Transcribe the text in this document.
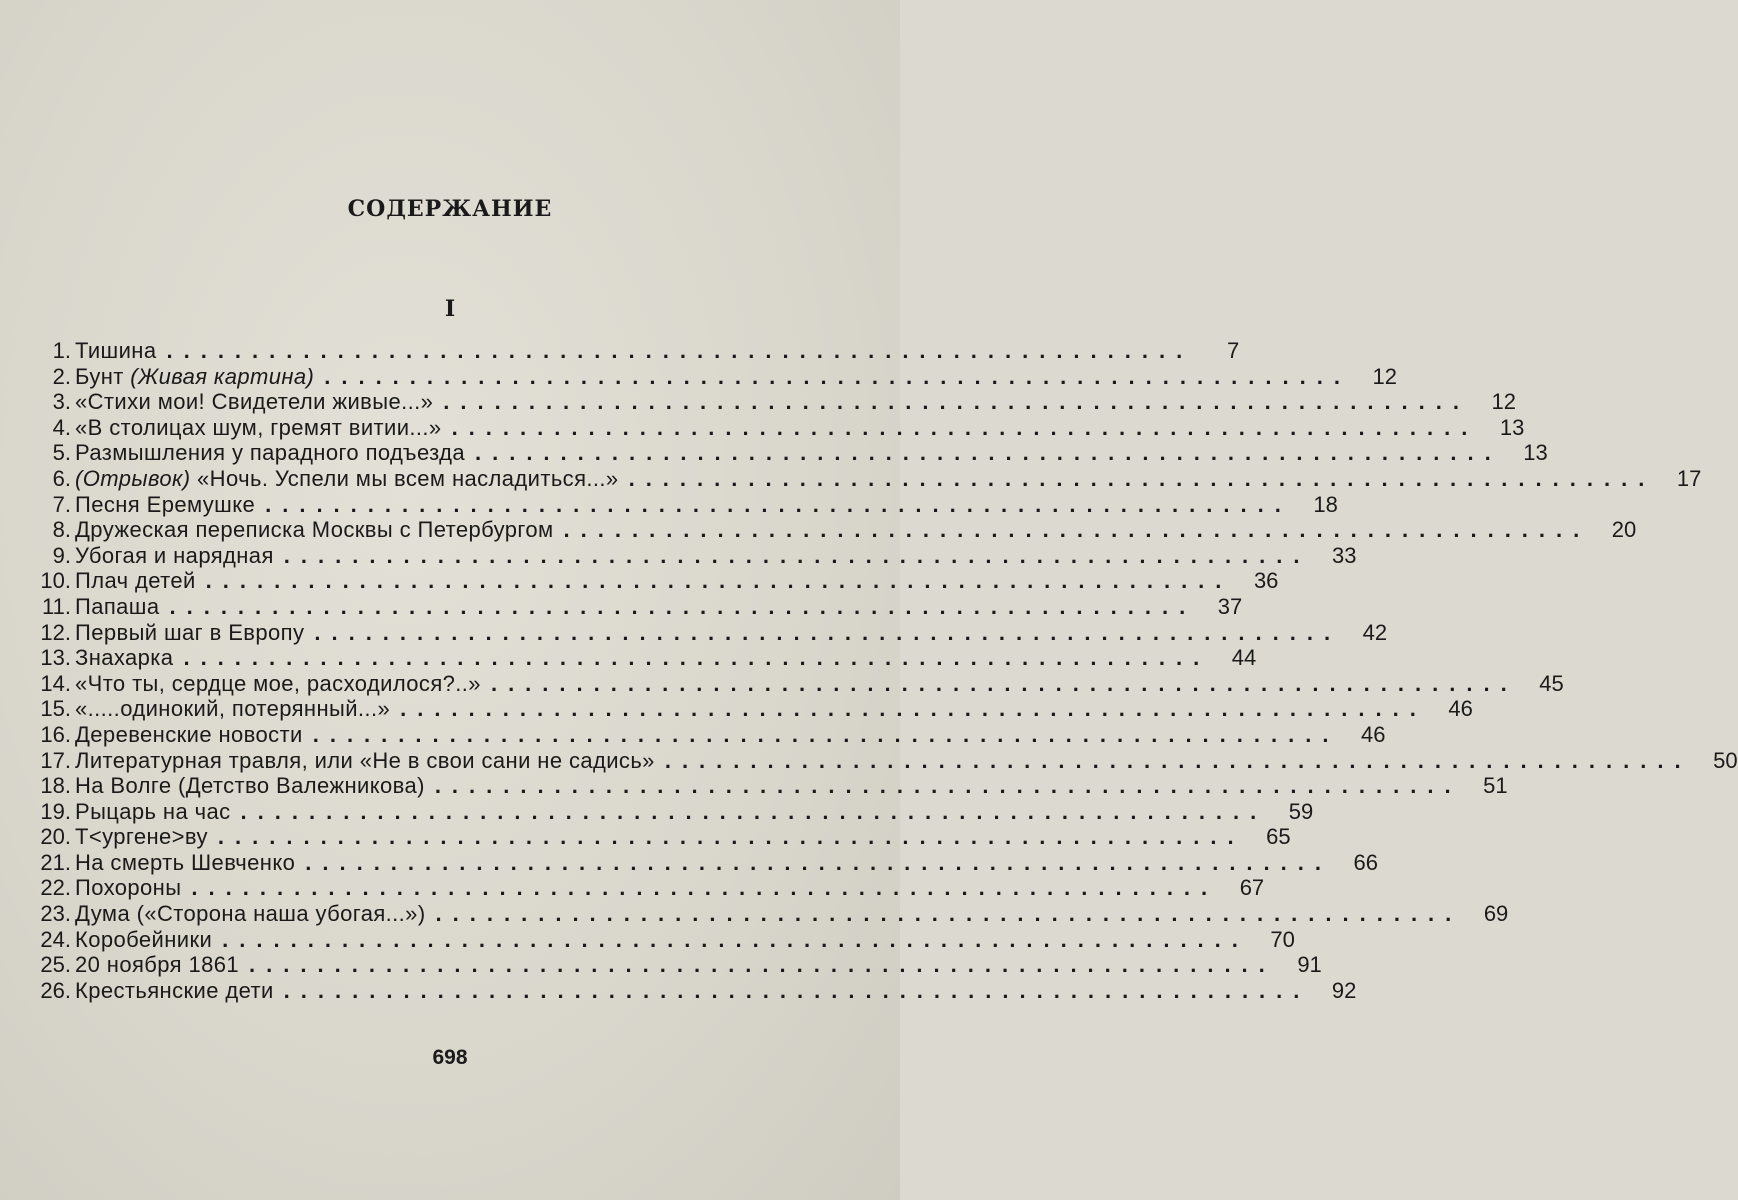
СОДЕРЖАНИЕ
I
1. Тишина ............................................................	7
2. Бунт (Живая картина) ............................................................ 12
3. «Стихи мои! Свидетели живые...» ............................................................ 12
4. «В столицах шум, гремят витии...» ............................................................ 13
5. Размышления у парадного подъезда ............................................................ 13
6. (Отрывок) «Ночь. Успели мы всем насладиться...» ............................................................ 17
7. Песня Еремушке ............................................................ 18
8. Дружеская переписка Москвы с Петербургом ............................................................ 20
9. Убогая и нарядная ............................................................ 33
10. Плач детей ............................................................ 36
11. Папаша ............................................................ 37
12. Первый шаг в Европу ............................................................ 42
13. Знахарка ............................................................ 44
14. «Что ты, сердце мое, расходилося?..» ............................................................ 45
15. «.....одинокий, потерянный...» ............................................................ 46
16. Деревенские новости ............................................................ 46
17. Литературная травля, или «Не в свои сани не садись» ............................................................ 50
18. На Волге (Детство Валежникова) ............................................................ 51
19. Рыцарь на час ............................................................ 59
20. Т<ургене>ву ............................................................ 65
21. На смерть Шевченко ............................................................ 66
22. Похороны ............................................................ 67
23. Дума («Сторона наша убогая...») ............................................................ 69
24. Коробейники ............................................................ 70
25. 20 ноября 1861 ............................................................ 91
26. Крестьянские дети ............................................................ 92
698
